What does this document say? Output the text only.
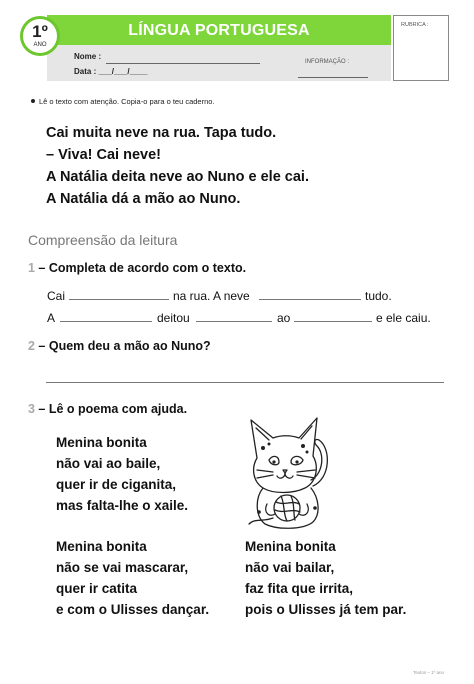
LÍNGUA PORTUGUESA	RUBRICA :
1º
ANO
Nome :
Data : ___/___/____
INFORMAÇÃO :
Lê o texto com atenção. Copia-o para o teu caderno.
Cai muita neve na rua. Tapa tudo.
– Viva! Cai neve!
A Natália deita neve ao Nuno e ele cai.
A Natália dá a mão ao Nuno.
Compreensão da leitura
1 – Completa de acordo com o texto.
Cai	na rua. A neve	tudo.
A	deitou	ao	e ele caiu.
2 – Quem deu a mão ao Nuno?
3 – Lê o poema com ajuda.
Menina bonita
não vai ao baile,
quer ir de ciganita,
mas falta-lhe o xaile.
Menina bonita
não se vai mascarar,
quer ir catita
e com o Ulisses dançar.
Menina bonita
não vai bailar,
faz fita que irrita,
pois o Ulisses já tem par.
Textos – 1º ano
